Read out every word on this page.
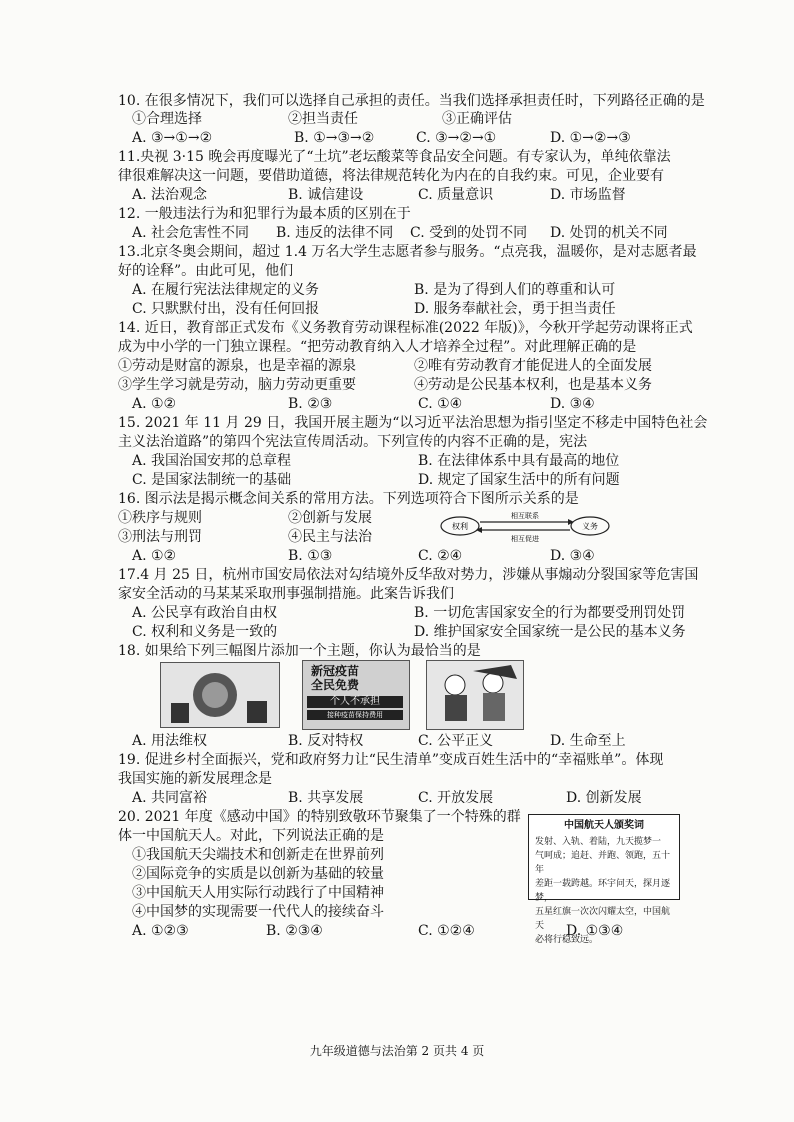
10. 在很多情况下，我们可以选择自己承担的责任。当我们选择承担责任时，下列路径正确的是
①合理选择	②担当责任	③正确评估
A. ③→①→②	B. ①→③→②	C. ③→②→①	D. ①→②→③
11.央视 3·15 晚会再度曝光了“土坑”老坛酸菜等食品安全问题。有专家认为，单纯依靠法
律很难解决这一问题，要借助道德，将法律规范转化为内在的自我约束。可见，企业要有
A. 法治观念	B. 诚信建设	C. 质量意识	D. 市场监督
12. 一般违法行为和犯罪行为最本质的区别在于
A. 社会危害性不同 B. 违反的法律不同 C. 受到的处罚不同 D. 处罚的机关不同
13.北京冬奥会期间，超过 1.4 万名大学生志愿者参与服务。“点亮我，温暖你，是对志愿者最
好的诠释”。由此可见，他们
A. 在履行宪法法律规定的义务	B. 是为了得到人们的尊重和认可
C. 只默默付出，没有任何回报	D. 服务奉献社会，勇于担当责任
14. 近日，教育部正式发布《义务教育劳动课程标准(2022 年版)》，今秋开学起劳动课将正式
成为中小学的一门独立课程。“把劳动教育纳入人才培养全过程”。对此理解正确的是
①劳动是财富的源泉，也是幸福的源泉	②唯有劳动教育才能促进人的全面发展
③学生学习就是劳动，脑力劳动更重要	④劳动是公民基本权利，也是基本义务
A. ①②	B. ②③	C. ①④	D. ③④
15. 2021 年 11 月 29 日，我国开展主题为“以习近平法治思想为指引坚定不移走中国特色社会
主义法治道路”的第四个宪法宣传周活动。下列宣传的内容不正确的是，宪法
A. 我国治国安邦的总章程	B. 在法律体系中具有最高的地位
C. 是国家法制统一的基础	D. 规定了国家生活中的所有问题
16. 图示法是揭示概念间关系的常用方法。下列选项符合下图所示关系的是
①秩序与规则	②创新与发展
③刑法与刑罚	④民主与法治
权利	义务
相互联系
相互促进
A. ①②	B. ①③	C. ②④	D. ③④
17.4 月 25 日，杭州市国安局依法对勾结境外反华敌对势力，涉嫌从事煽动分裂国家等危害国
家安全活动的马某某采取刑事强制措施。此案告诉我们
A. 公民享有政治自由权	B. 一切危害国家安全的行为都要受刑罚处罚
C. 权利和义务是一致的	D. 维护国家安全国家统一是公民的基本义务
18. 如果给下列三幅图片添加一个主题，你认为最恰当的是
新冠疫苗
全民免费
个人不承担
接种疫苗保持费用
A. 用法维权	B. 反对特权	C. 公平正义	D. 生命至上
19. 促进乡村全面振兴，党和政府努力让“民生清单”变成百姓生活中的“幸福账单”。体现
我国实施的新发展理念是
A. 共同富裕	B. 共享发展	C. 开放发展	D. 创新发展
20. 2021 年度《感动中国》的特别致敬环节聚集了一个特殊的群
体一中国航天人。对此，下列说法正确的是
①我国航天尖端技术和创新走在世界前列
②国际竞争的实质是以创新为基础的较量
③中国航天人用实际行动践行了中国精神
④中国梦的实现需要一代代人的接续奋斗
中国航天人颁奖词
发射、入轨、着陆，九天揽梦一
气呵成；追赶、并跑、领跑，五十年
差距一载跨越。环宇问天，探月逐梦，
五星红旗一次次闪耀太空，中国航天
必将行稳致远。
A. ①②③	B. ②③④	C. ①②④	D. ①③④
九年级道德与法治第 2 页共 4 页
